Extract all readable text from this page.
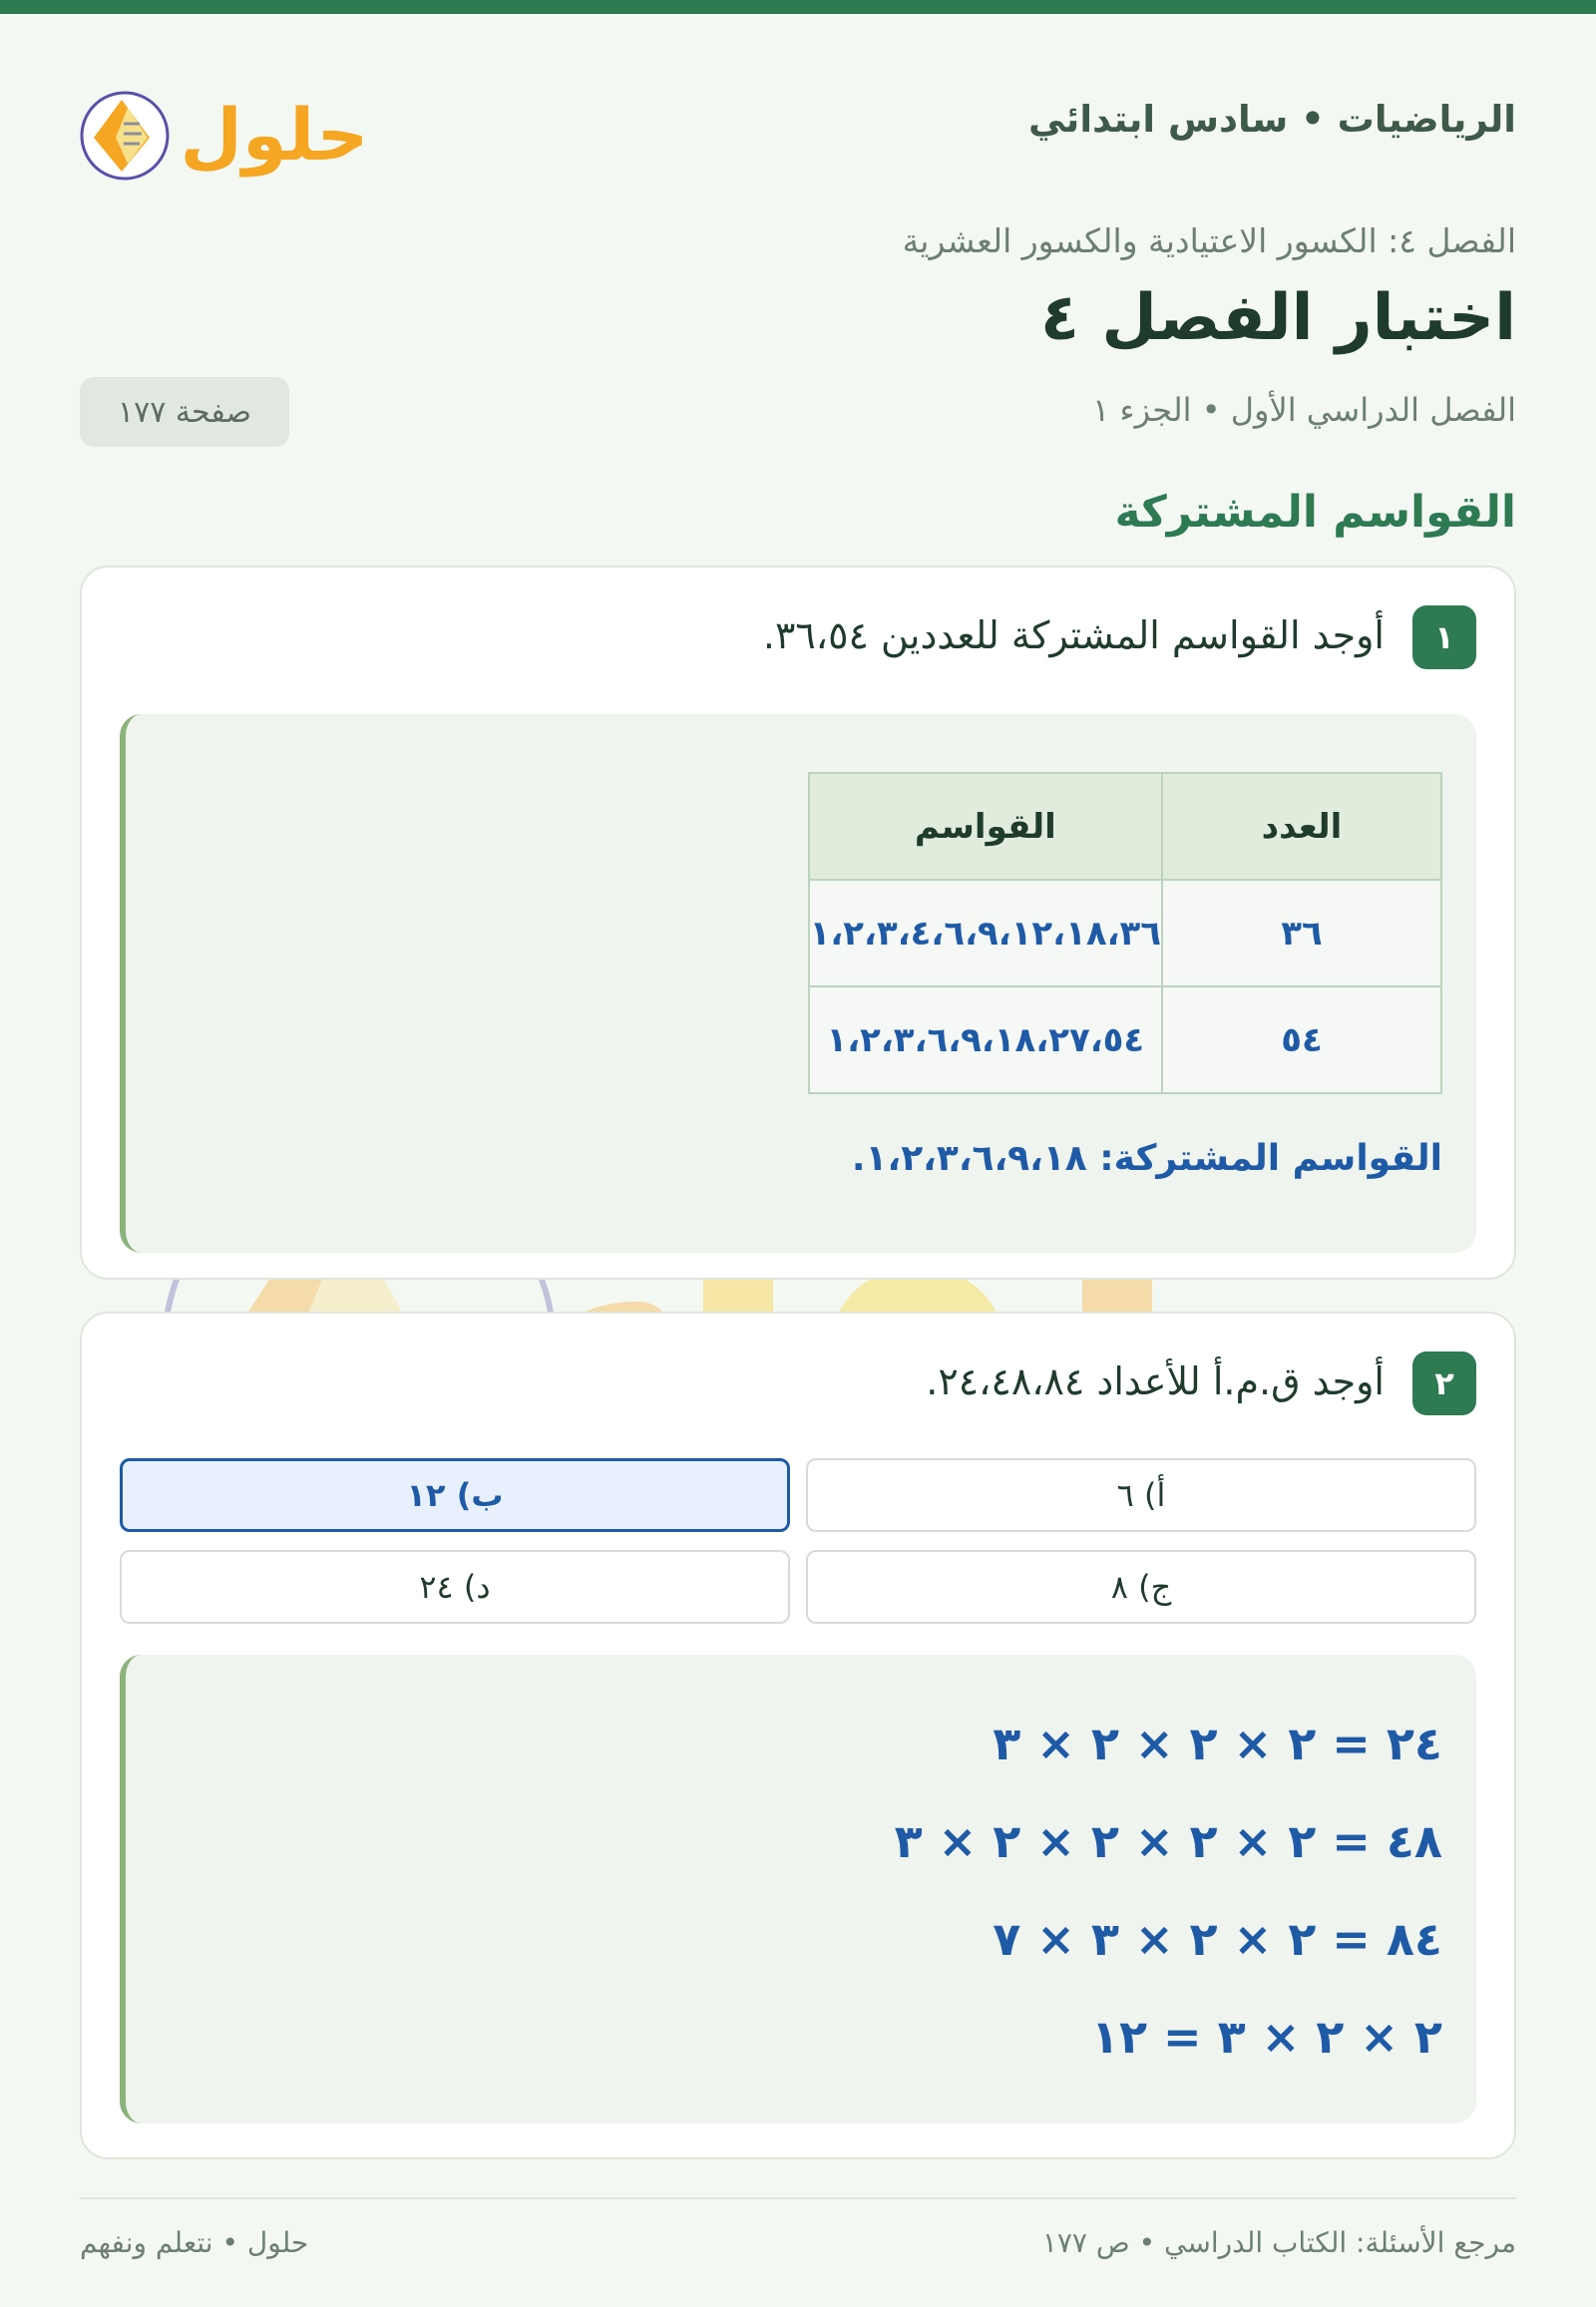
الرياضيات • سادس ابتدائي
حلول
الفصل ٤: الكسور الاعتيادية والكسور العشرية
اختبار الفصل ٤
الفصل الدراسي الأول • الجزء ١
صفحة ١٧٧
القواسم المشتركة
١
أوجد القواسم المشتركة للعددين ٣٦،٥٤.
العدد	القواسم
٣٦	١،٢،٣،٤،٦،٩،١٢،١٨،٣٦
٥٤	١،٢،٣،٦،٩،١٨،٢٧،٥٤
القواسم المشتركة: ١،٢،٣،٦،٩،١٨.
٢
أوجد ق.م.أ للأعداد ٢٤،٤٨،٨٤.
أ) ٦
ب) ١٢
ج) ٨
د) ٢٤
٢٤ = ٢ × ٢ × ٢ × ٣
٤٨ = ٢ × ٢ × ٢ × ٢ × ٣
٨٤ = ٢ × ٢ × ٣ × ٧
٢ × ٢ × ٣ = ١٢
مرجع الأسئلة: الكتاب الدراسي • ص ١٧٧
حلول • نتعلم ونفهم
